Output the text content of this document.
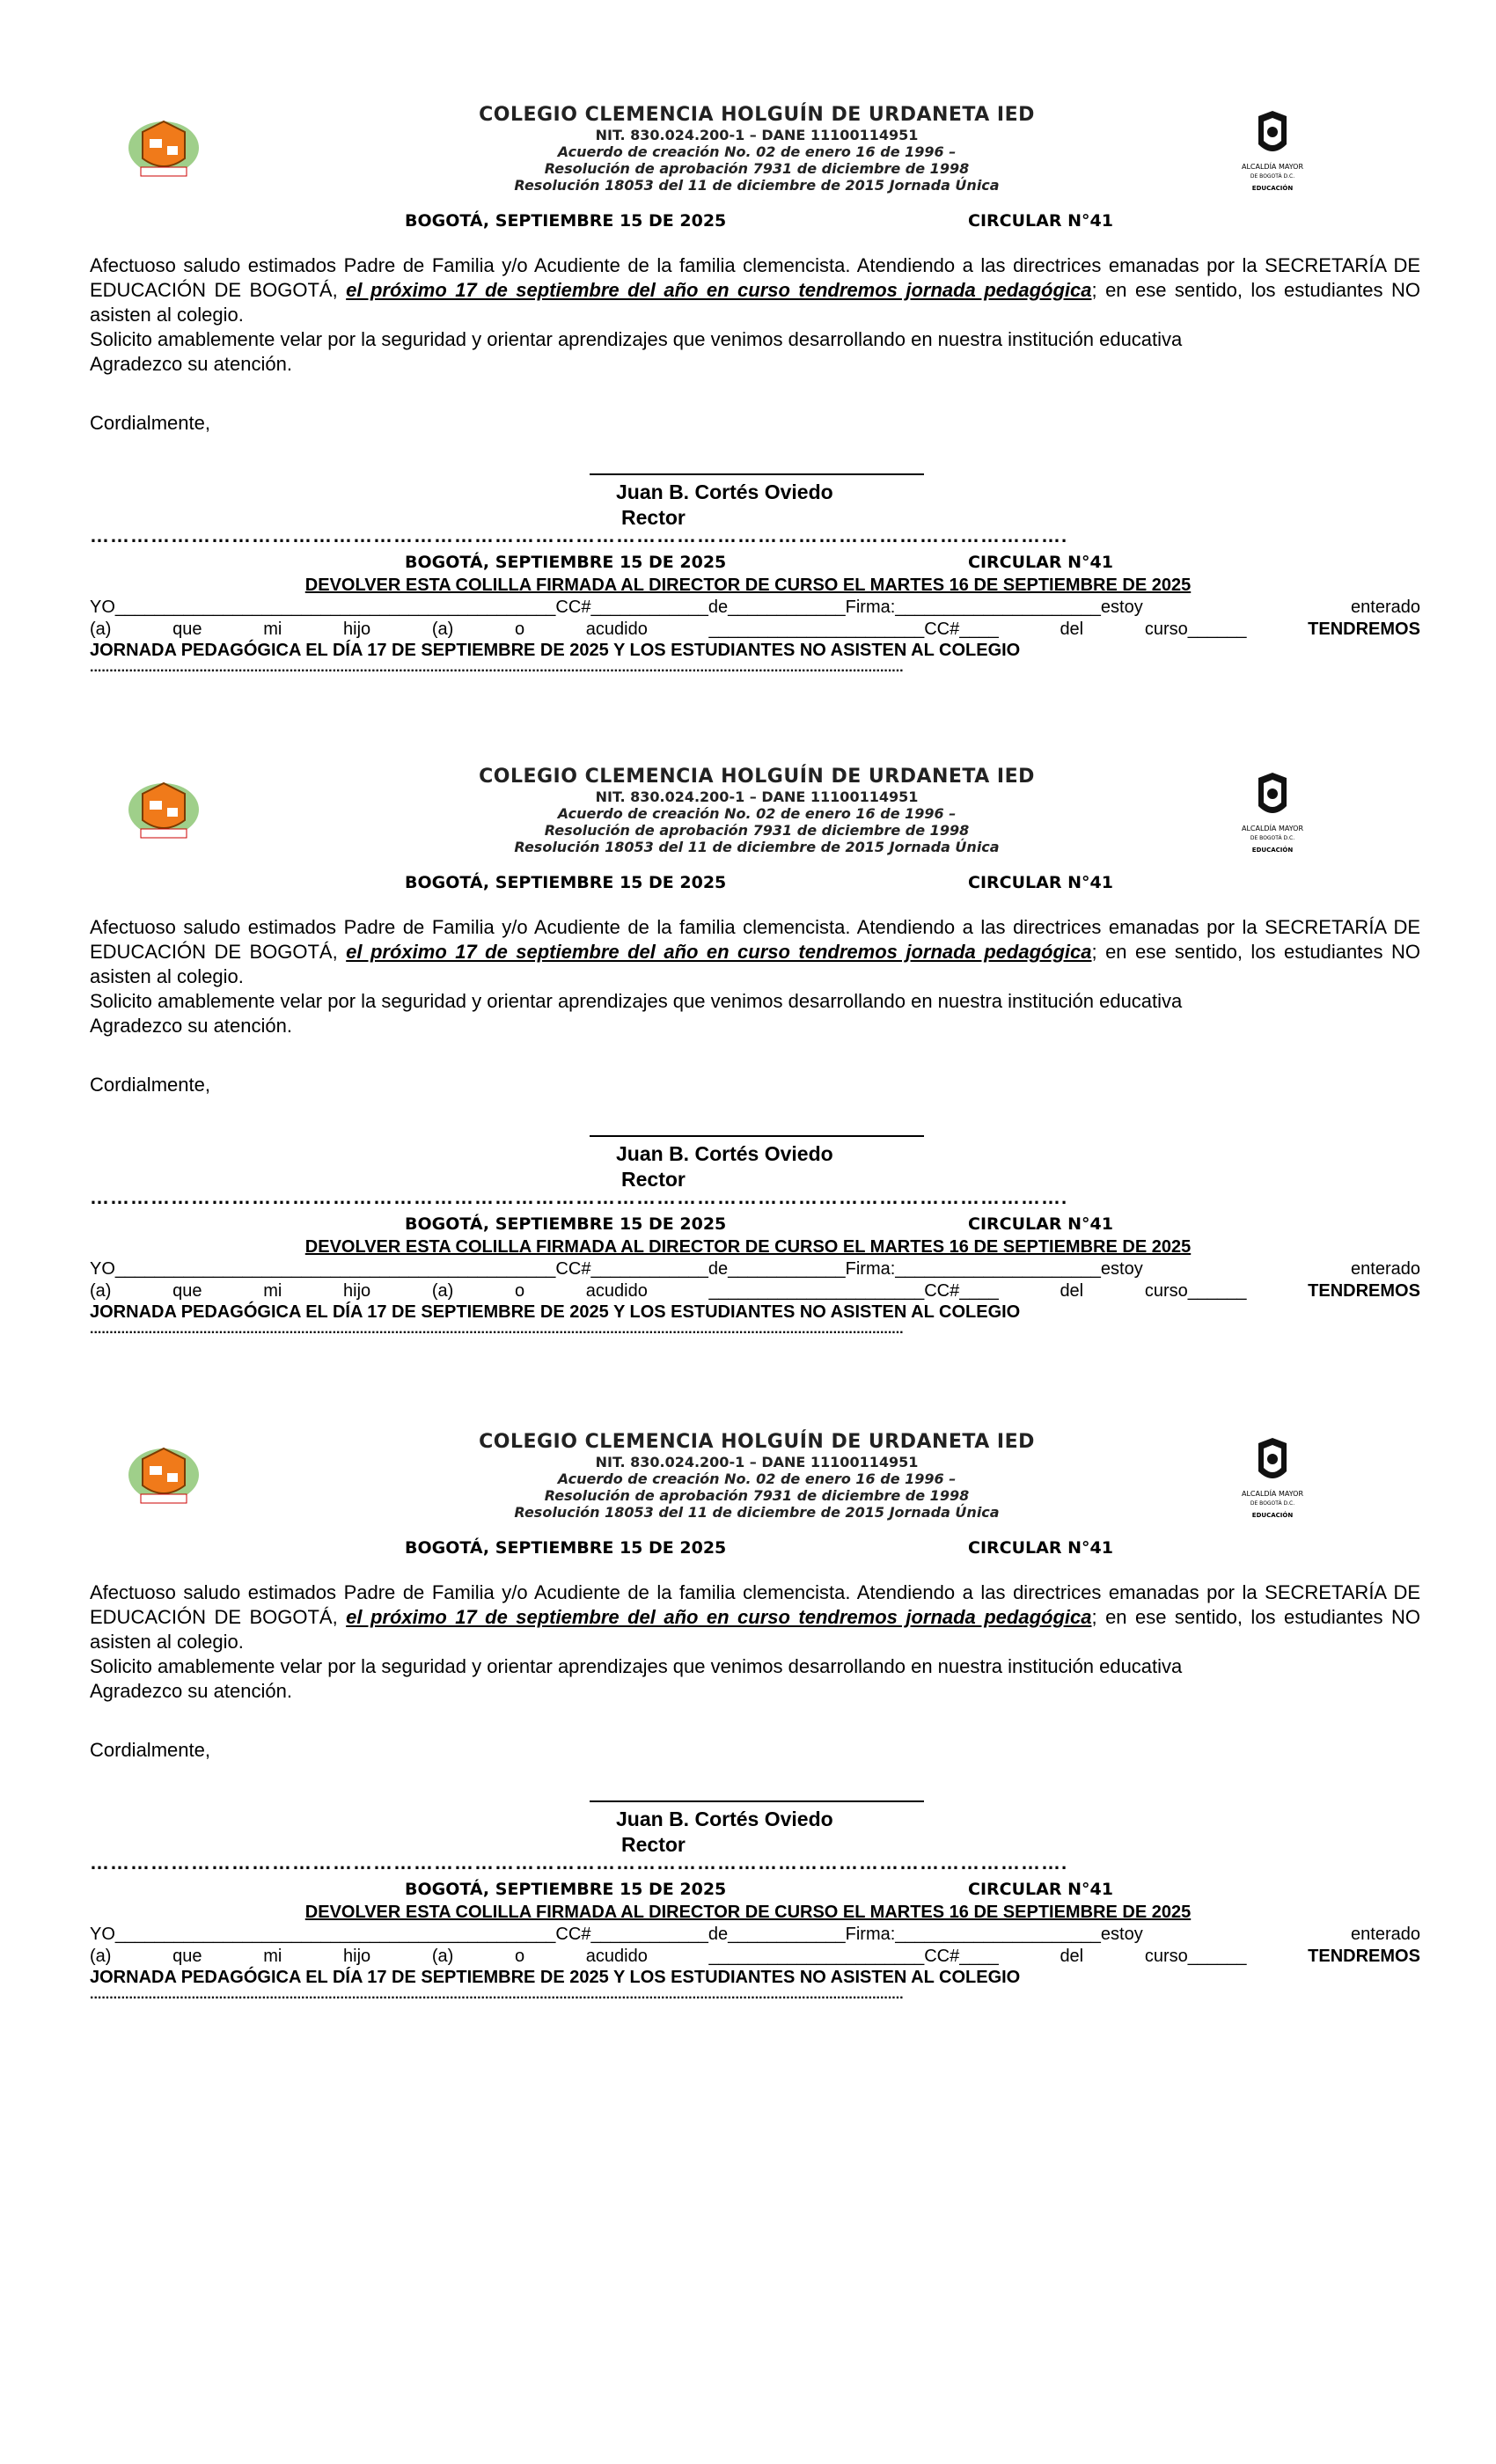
COLEGIO CLEMENCIA HOLGUÍN DE URDANETA IED
NIT. 830.024.200-1 – DANE 11100114951
Acuerdo de creación No. 02 de enero 16 de 1996 –
Resolución de aprobación 7931 de diciembre de 1998
Resolución 18053 del 11 de diciembre de 2015 Jornada Única
ALCALDÍA MAYOR
DE BOGOTÁ D.C.
EDUCACIÓN
BOGOTÁ, SEPTIEMBRE 15 DE 2025	CIRCULAR N°41

Afectuoso saludo estimados Padre de Familia y/o Acudiente de la familia clemencista. Atendiendo a las directrices emanadas por la SECRETARÍA DE EDUCACIÓN DE BOGOTÁ, el próximo 17 de septiembre del año en curso tendremos jornada pedagógica; en ese sentido, los estudiantes NO asisten al colegio.

Solicito amablemente velar por la seguridad y orientar aprendizajes que venimos desarrollando en nuestra institución educativa

Agradezco su atención.

Cordialmente,
Juan B. Cortés Oviedo
Rector
……………………………………………………………………………………………………………………………….
BOGOTÁ, SEPTIEMBRE 15 DE 2025	CIRCULAR N°41
DEVOLVER ESTA COLILLA FIRMADA AL DIRECTOR DE CURSO EL MARTES 16 DE SEPTIEMBRE DE 2025
YO_____________________________________________CC#____________de____________Firma:_____________________estoy	enterado
(a)	que	mi	hijo	(a)	o	acudido	______________________CC#____	del	curso______	TENDREMOS
JORNADA PEDAGÓGICA EL DÍA 17 DE SEPTIEMBRE DE 2025 Y LOS ESTUDIANTES NO ASISTEN AL COLEGIO
................................................................................................................................................................................................................
COLEGIO CLEMENCIA HOLGUÍN DE URDANETA IED
NIT. 830.024.200-1 – DANE 11100114951
Acuerdo de creación No. 02 de enero 16 de 1996 –
Resolución de aprobación 7931 de diciembre de 1998
Resolución 18053 del 11 de diciembre de 2015 Jornada Única
ALCALDÍA MAYOR
DE BOGOTÁ D.C.
EDUCACIÓN
BOGOTÁ, SEPTIEMBRE 15 DE 2025	CIRCULAR N°41

Afectuoso saludo estimados Padre de Familia y/o Acudiente de la familia clemencista. Atendiendo a las directrices emanadas por la SECRETARÍA DE EDUCACIÓN DE BOGOTÁ, el próximo 17 de septiembre del año en curso tendremos jornada pedagógica; en ese sentido, los estudiantes NO asisten al colegio.

Solicito amablemente velar por la seguridad y orientar aprendizajes que venimos desarrollando en nuestra institución educativa

Agradezco su atención.

Cordialmente,
Juan B. Cortés Oviedo
Rector
……………………………………………………………………………………………………………………………….
BOGOTÁ, SEPTIEMBRE 15 DE 2025	CIRCULAR N°41
DEVOLVER ESTA COLILLA FIRMADA AL DIRECTOR DE CURSO EL MARTES 16 DE SEPTIEMBRE DE 2025
YO_____________________________________________CC#____________de____________Firma:_____________________estoy	enterado
(a)	que	mi	hijo	(a)	o	acudido	______________________CC#____	del	curso______	TENDREMOS
JORNADA PEDAGÓGICA EL DÍA 17 DE SEPTIEMBRE DE 2025 Y LOS ESTUDIANTES NO ASISTEN AL COLEGIO
................................................................................................................................................................................................................
COLEGIO CLEMENCIA HOLGUÍN DE URDANETA IED
NIT. 830.024.200-1 – DANE 11100114951
Acuerdo de creación No. 02 de enero 16 de 1996 –
Resolución de aprobación 7931 de diciembre de 1998
Resolución 18053 del 11 de diciembre de 2015 Jornada Única
ALCALDÍA MAYOR
DE BOGOTÁ D.C.
EDUCACIÓN
BOGOTÁ, SEPTIEMBRE 15 DE 2025	CIRCULAR N°41

Afectuoso saludo estimados Padre de Familia y/o Acudiente de la familia clemencista. Atendiendo a las directrices emanadas por la SECRETARÍA DE EDUCACIÓN DE BOGOTÁ, el próximo 17 de septiembre del año en curso tendremos jornada pedagógica; en ese sentido, los estudiantes NO asisten al colegio.

Solicito amablemente velar por la seguridad y orientar aprendizajes que venimos desarrollando en nuestra institución educativa

Agradezco su atención.

Cordialmente,
Juan B. Cortés Oviedo
Rector
……………………………………………………………………………………………………………………………….
BOGOTÁ, SEPTIEMBRE 15 DE 2025	CIRCULAR N°41
DEVOLVER ESTA COLILLA FIRMADA AL DIRECTOR DE CURSO EL MARTES 16 DE SEPTIEMBRE DE 2025
YO_____________________________________________CC#____________de____________Firma:_____________________estoy	enterado
(a)	que	mi	hijo	(a)	o	acudido	______________________CC#____	del	curso______	TENDREMOS
JORNADA PEDAGÓGICA EL DÍA 17 DE SEPTIEMBRE DE 2025 Y LOS ESTUDIANTES NO ASISTEN AL COLEGIO
................................................................................................................................................................................................................
